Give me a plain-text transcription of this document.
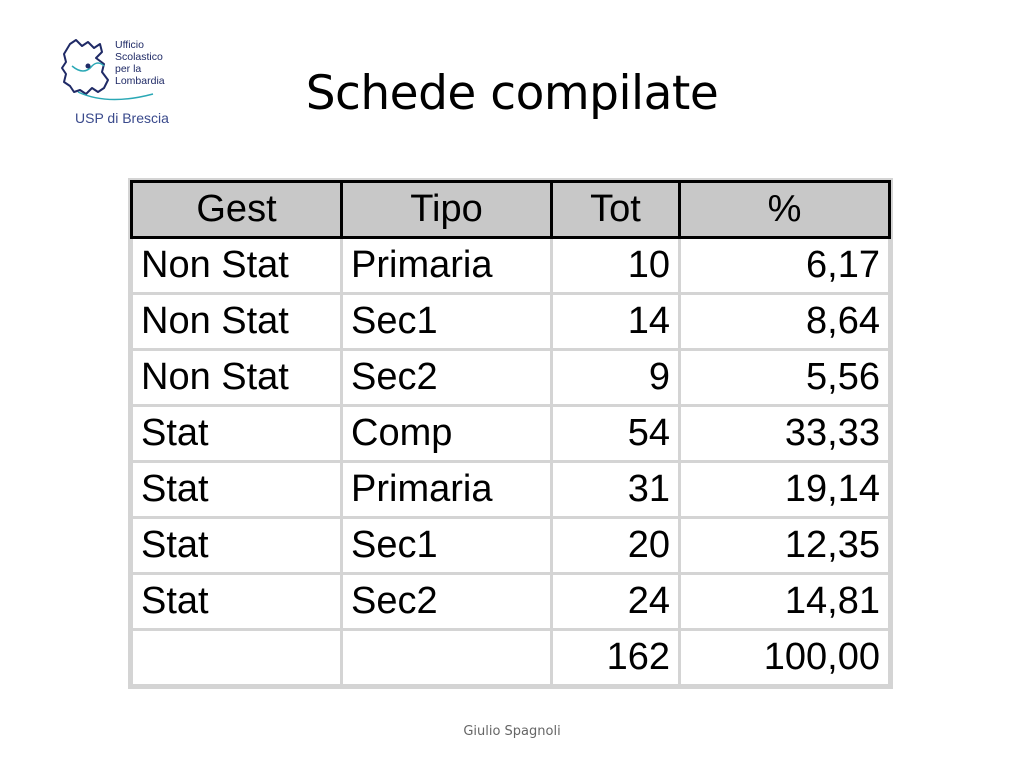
Ufficio
Scolastico
per la
Lombardia
USP di Brescia	Schede compilate
Gest	Tipo	Tot	%
Non Stat	Primaria	10	6,17
Non Stat	Sec1	14	8,64
Non Stat	Sec2	9	5,56
Stat	Comp	54	33,33
Stat	Primaria	31	19,14
Stat	Sec1	20	12,35
Stat	Sec2	24	14,81
		162	100,00
Giulio Spagnoli
